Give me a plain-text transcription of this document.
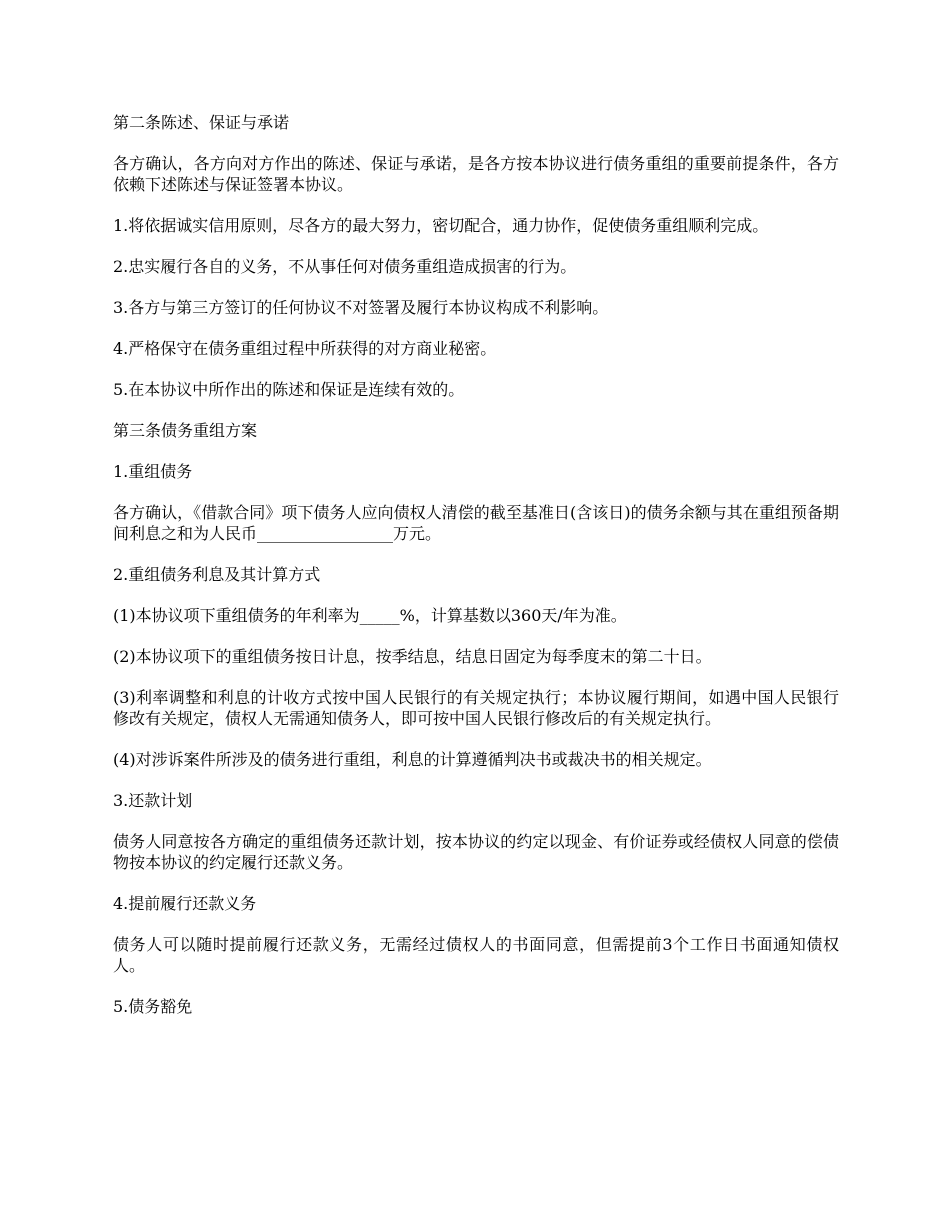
第二条陈述、保证与承诺

各方确认，各方向对方作出的陈述、保证与承诺，是各方按本协议进行债务重组的重要前提条件，各方依赖下述陈述与保证签署本协议。

1.将依据诚实信用原则，尽各方的最大努力，密切配合，通力协作，促使债务重组顺利完成。

2.忠实履行各自的义务，不从事任何对债务重组造成损害的行为。

3.各方与第三方签订的任何协议不对签署及履行本协议构成不利影响。

4.严格保守在债务重组过程中所获得的对方商业秘密。

5.在本协议中所作出的陈述和保证是连续有效的。

第三条债务重组方案

1.重组债务

各方确认，《借款合同》项下债务人应向债权人清偿的截至基准日(含该日)的债务余额与其在重组预备期间利息之和为人民币_________________万元。

2.重组债务利息及其计算方式

(1)本协议项下重组债务的年利率为_____%，计算基数以360天/年为准。

(2)本协议项下的重组债务按日计息，按季结息，结息日固定为每季度末的第二十日。

(3)利率调整和利息的计收方式按中国人民银行的有关规定执行；本协议履行期间，如遇中国人民银行修改有关规定，债权人无需通知债务人，即可按中国人民银行修改后的有关规定执行。

(4)对涉诉案件所涉及的债务进行重组，利息的计算遵循判决书或裁决书的相关规定。

3.还款计划

债务人同意按各方确定的重组债务还款计划，按本协议的约定以现金、有价证券或经债权人同意的偿债物按本协议的约定履行还款义务。

4.提前履行还款义务

债务人可以随时提前履行还款义务，无需经过债权人的书面同意，但需提前3个工作日书面通知债权人。

5.债务豁免
